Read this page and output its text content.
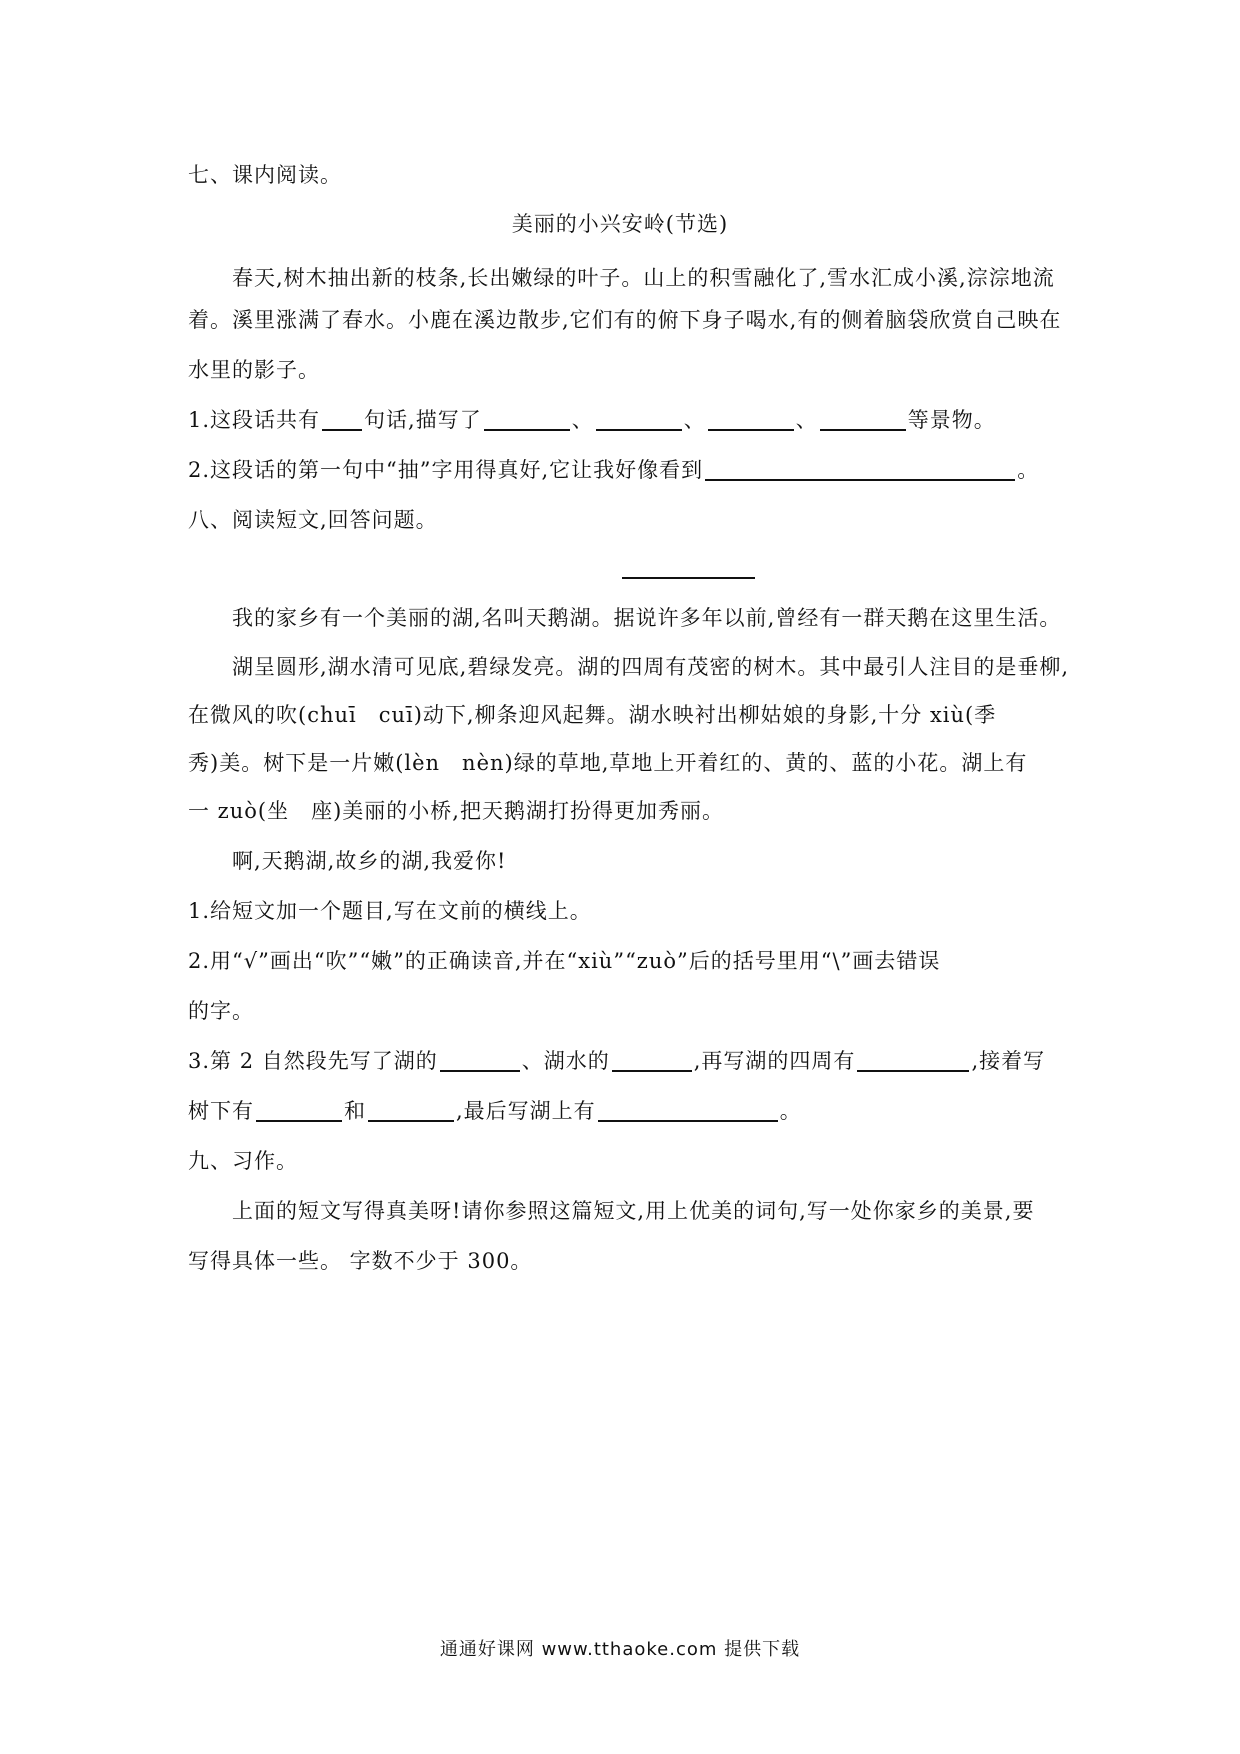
七、课内阅读。
美丽的小兴安岭(节选)
春天,树木抽出新的枝条,长出嫩绿的叶子。山上的积雪融化了,雪水汇成小溪,淙淙地流
着。溪里涨满了春水。小鹿在溪边散步,它们有的俯下身子喝水,有的侧着脑袋欣赏自己映在
水里的影子。
1.这段话共有 句话,描写了	、	、	、	等景物。
2.这段话的第一句中“抽”字用得真好,它让我好像看到	。
八、阅读短文,回答问题。
我的家乡有一个美丽的湖,名叫天鹅湖。据说许多年以前,曾经有一群天鹅在这里生活。
湖呈圆形,湖水清可见底,碧绿发亮。湖的四周有茂密的树木。其中最引人注目的是垂柳,
在微风的吹(chuī　cuī)动下,柳条迎风起舞。湖水映衬出柳姑娘的身影,十分 xiù(季
秀)美。树下是一片嫩(lèn　nèn)绿的草地,草地上开着红的、黄的、蓝的小花。湖上有
一 zuò(坐　座)美丽的小桥,把天鹅湖打扮得更加秀丽。
啊,天鹅湖,故乡的湖,我爱你!
1.给短文加一个题目,写在文前的横线上。
2.用“√”画出“吹”“嫩”的正确读音,并在“xiù”“zuò”后的括号里用“\”画去错误
的字。
3.第 2 自然段先写了湖的	、湖水的	,再写湖的四周有	,接着写
树下有	和	,最后写湖上有	。
九、习作。
上面的短文写得真美呀!请你参照这篇短文,用上优美的词句,写一处你家乡的美景,要
写得具体一些。 字数不少于 300。
通通好课网 www.tthaoke.com 提供下载
